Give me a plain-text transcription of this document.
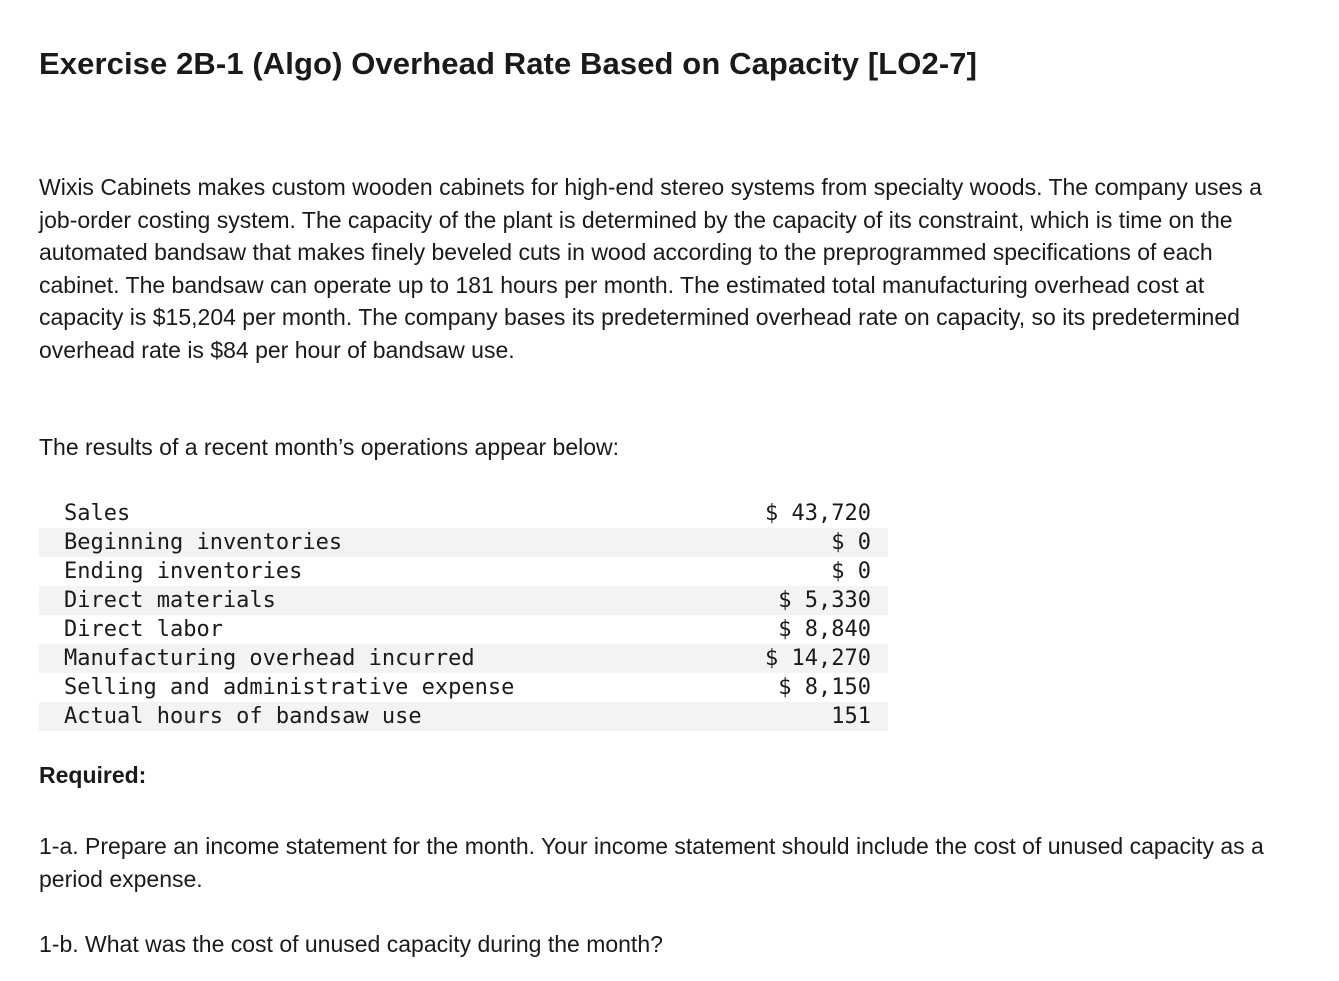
Exercise 2B-1 (Algo) Overhead Rate Based on Capacity [LO2-7]

Wixis Cabinets makes custom wooden cabinets for high-end stereo systems from specialty woods. The company uses a job-order costing system. The capacity of the plant is determined by the capacity of its constraint, which is time on the automated bandsaw that makes finely beveled cuts in wood according to the preprogrammed specifications of each cabinet. The bandsaw can operate up to 181 hours per month. The estimated total manufacturing overhead cost at capacity is $15,204 per month. The company bases its predetermined overhead rate on capacity, so its predetermined overhead rate is $84 per hour of bandsaw use.

The results of a recent month’s operations appear below:

Sales	$ 43,720
Beginning inventories	$ 0
Ending inventories	$ 0
Direct materials	$ 5,330
Direct labor	$ 8,840
Manufacturing overhead incurred	$ 14,270
Selling and administrative expense	$ 8,150
Actual hours of bandsaw use	151

Required:

1-a. Prepare an income statement for the month. Your income statement should include the cost of unused capacity as a period expense.

1-b. What was the cost of unused capacity during the month?
